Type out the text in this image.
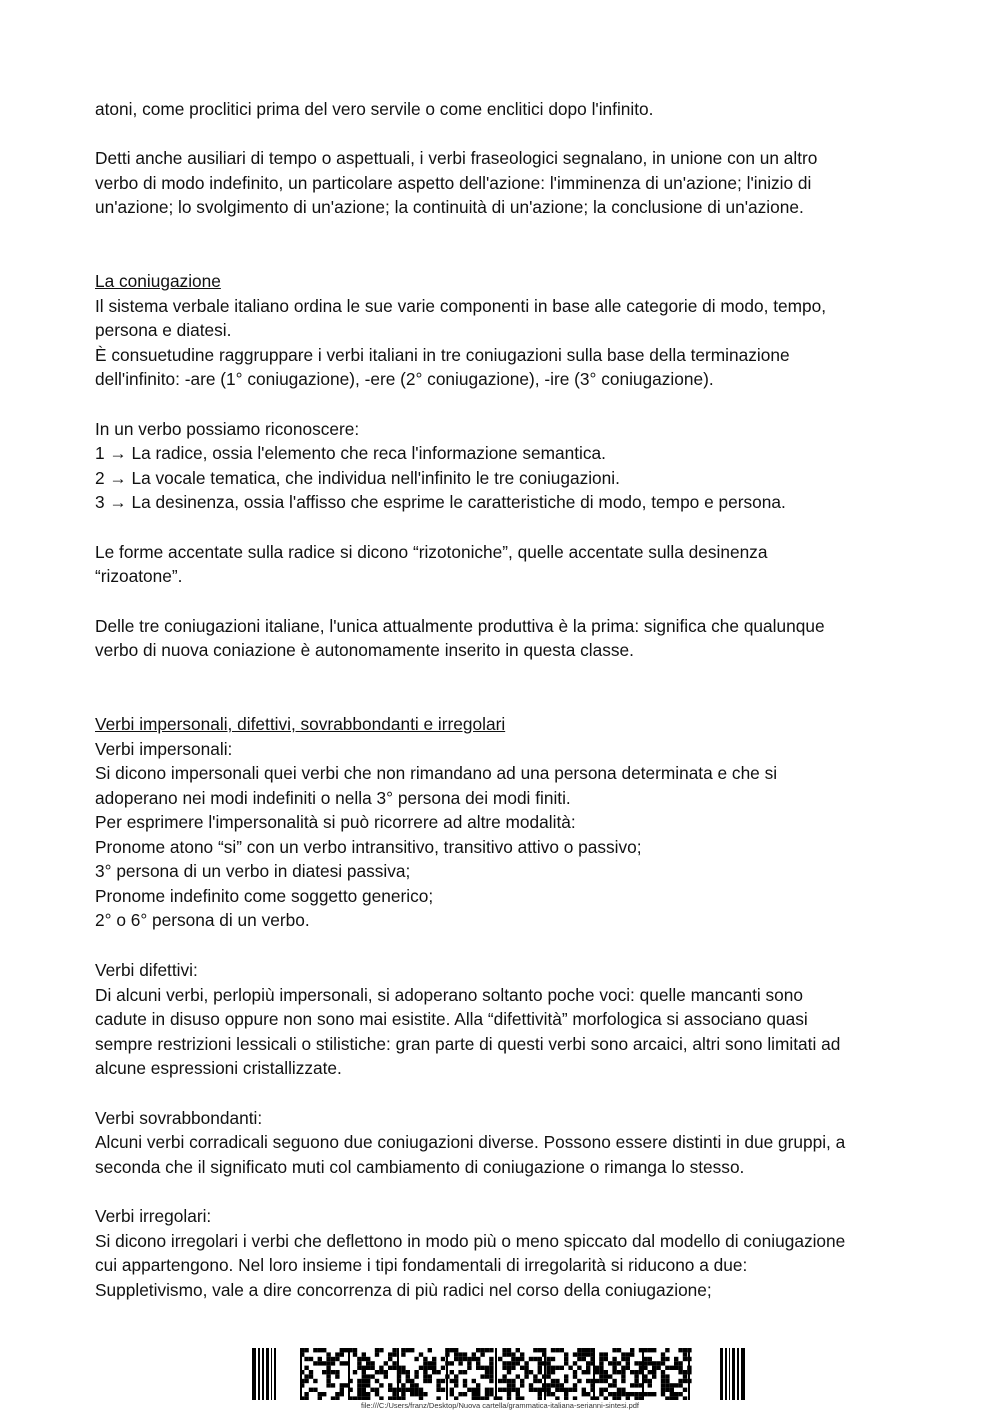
atoni, come proclitici prima del vero servile o come enclitici dopo l'infinito.
Detti anche ausiliari di tempo o aspettuali, i verbi fraseologici segnalano, in unione con un altro
verbo di modo indefinito, un particolare aspetto dell'azione: l'imminenza di un'azione; l'inizio di
un'azione; lo svolgimento di un'azione; la continuità di un'azione; la conclusione di un'azione.
La coniugazione
Il sistema verbale italiano ordina le sue varie componenti in base alle categorie di modo, tempo,
persona e diatesi.
È consuetudine raggruppare i verbi italiani in tre coniugazioni sulla base della terminazione
dell'infinito: -are (1° coniugazione), -ere (2° coniugazione), -ire (3° coniugazione).
In un verbo possiamo riconoscere:
1 → La radice, ossia l'elemento che reca l'informazione semantica.
2 → La vocale tematica, che individua nell'infinito le tre coniugazioni.
3 → La desinenza, ossia l'affisso che esprime le caratteristiche di modo, tempo e persona.
Le forme accentate sulla radice si dicono “rizotoniche”, quelle accentate sulla desinenza
“rizoatone”.
Delle tre coniugazioni italiane, l'unica attualmente produttiva è la prima: significa che qualunque
verbo di nuova coniazione è autonomamente inserito in questa classe.
Verbi impersonali, difettivi, sovrabbondanti e irregolari
Verbi impersonali:
Si dicono impersonali quei verbi che non rimandano ad una persona determinata e che si
adoperano nei modi indefiniti o nella 3° persona dei modi finiti.
Per esprimere l'impersonalità si può ricorrere ad altre modalità:
Pronome atono “si” con un verbo intransitivo, transitivo attivo o passivo;
3° persona di un verbo in diatesi passiva;
Pronome indefinito come soggetto generico;
2° o 6° persona di un verbo.
Verbi difettivi:
Di alcuni verbi, perlopiù impersonali, si adoperano soltanto poche voci: quelle mancanti sono
cadute in disuso oppure non sono mai esistite. Alla “difettività” morfologica si associano quasi
sempre restrizioni lessicali o stilistiche: gran parte di questi verbi sono arcaici, altri sono limitati ad
alcune espressioni cristallizzate.
Verbi sovrabbondanti:
Alcuni verbi corradicali seguono due coniugazioni diverse. Possono essere distinti in due gruppi, a
seconda che il significato muti col cambiamento di coniugazione o rimanga lo stesso.
Verbi irregolari:
Si dicono irregolari i verbi che deflettono in modo più o meno spiccato dal modello di coniugazione
cui appartengono. Nel loro insieme i tipi fondamentali di irregolarità si riducono a due:
Suppletivismo, vale a dire concorrenza di più radici nel corso della coniugazione;
file:///C:/Users/franz/Desktop/Nuova cartella/grammatica-italiana-serianni-sintesi.pdf
